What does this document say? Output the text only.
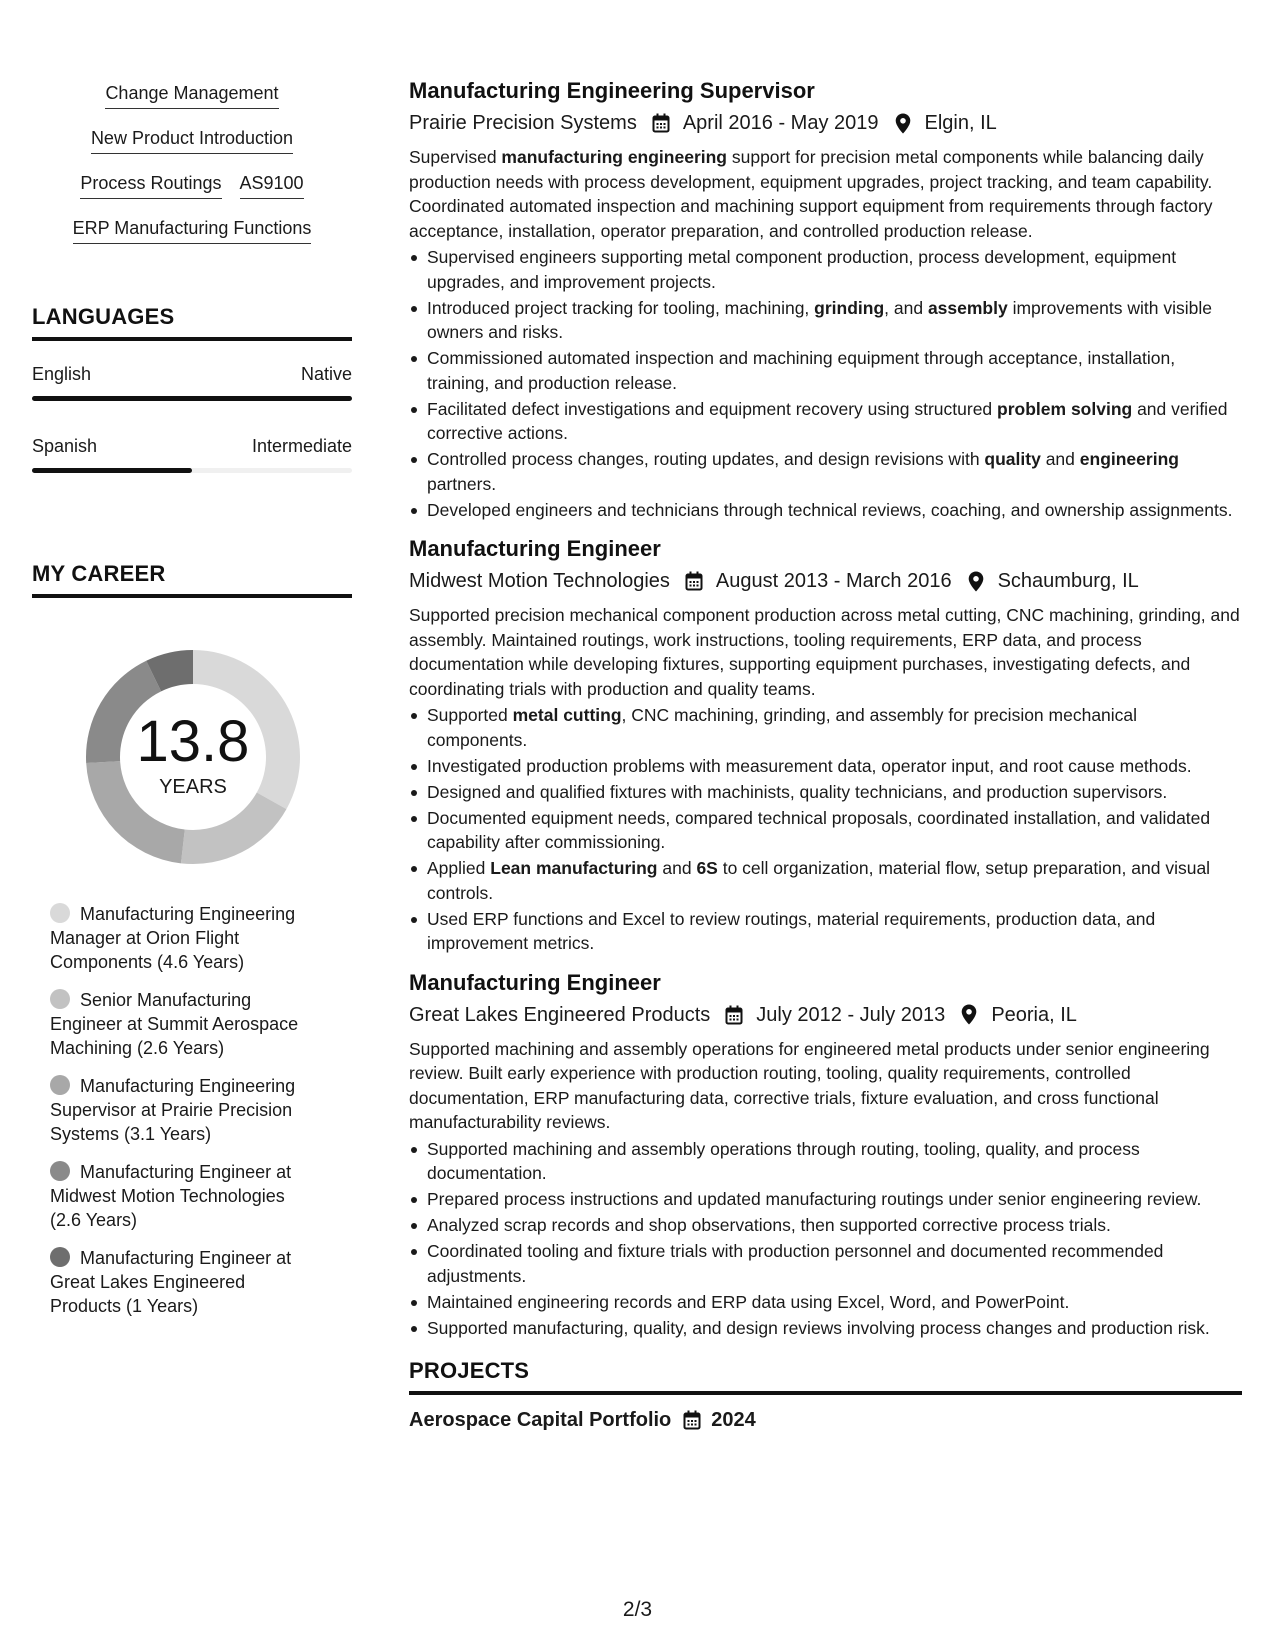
Change Management
New Product Introduction
Process Routings AS9100
ERP Manufacturing Functions
LANGUAGES
English	Native
Spanish	Intermediate
MY CAREER
13.8
YEARS
Manufacturing Engineering Manager at Orion Flight Components (4.6 Years)
Senior Manufacturing Engineer at Summit Aerospace Machining (2.6 Years)
Manufacturing Engineering Supervisor at Prairie Precision Systems (3.1 Years)
Manufacturing Engineer at Midwest Motion Technologies (2.6 Years)
Manufacturing Engineer at Great Lakes Engineered Products (1 Years)
Manufacturing Engineering Supervisor
Prairie Precision Systems April 2016 - May 2019 Elgin, IL
Supervised manufacturing engineering support for precision metal components while balancing daily production needs with process development, equipment upgrades, project tracking, and team capability. Coordinated automated inspection and machining support equipment from requirements through factory acceptance, installation, operator preparation, and controlled production release.
Supervised engineers supporting metal component production, process development, equipment upgrades, and improvement projects.
Introduced project tracking for tooling, machining, grinding, and assembly improvements with visible owners and risks.
Commissioned automated inspection and machining equipment through acceptance, installation, training, and production release.
Facilitated defect investigations and equipment recovery using structured problem solving and verified corrective actions.
Controlled process changes, routing updates, and design revisions with quality and engineering partners.
Developed engineers and technicians through technical reviews, coaching, and ownership assignments.
Manufacturing Engineer
Midwest Motion Technologies August 2013 - March 2016 Schaumburg, IL
Supported precision mechanical component production across metal cutting, CNC machining, grinding, and assembly. Maintained routings, work instructions, tooling requirements, ERP data, and process documentation while developing fixtures, supporting equipment purchases, investigating defects, and coordinating trials with production and quality teams.
Supported metal cutting, CNC machining, grinding, and assembly for precision mechanical components.
Investigated production problems with measurement data, operator input, and root cause methods.
Designed and qualified fixtures with machinists, quality technicians, and production supervisors.
Documented equipment needs, compared technical proposals, coordinated installation, and validated capability after commissioning.
Applied Lean manufacturing and 6S to cell organization, material flow, setup preparation, and visual controls.
Used ERP functions and Excel to review routings, material requirements, production data, and improvement metrics.
Manufacturing Engineer
Great Lakes Engineered Products July 2012 - July 2013 Peoria, IL
Supported machining and assembly operations for engineered metal products under senior engineering review. Built early experience with production routing, tooling, quality requirements, controlled documentation, ERP manufacturing data, corrective trials, fixture evaluation, and cross functional manufacturability reviews.
Supported machining and assembly operations through routing, tooling, quality, and process documentation.
Prepared process instructions and updated manufacturing routings under senior engineering review.
Analyzed scrap records and shop observations, then supported corrective process trials.
Coordinated tooling and fixture trials with production personnel and documented recommended adjustments.
Maintained engineering records and ERP data using Excel, Word, and PowerPoint.
Supported manufacturing, quality, and design reviews involving process changes and production risk.
PROJECTS
Aerospace Capital Portfolio 2024
2/3
